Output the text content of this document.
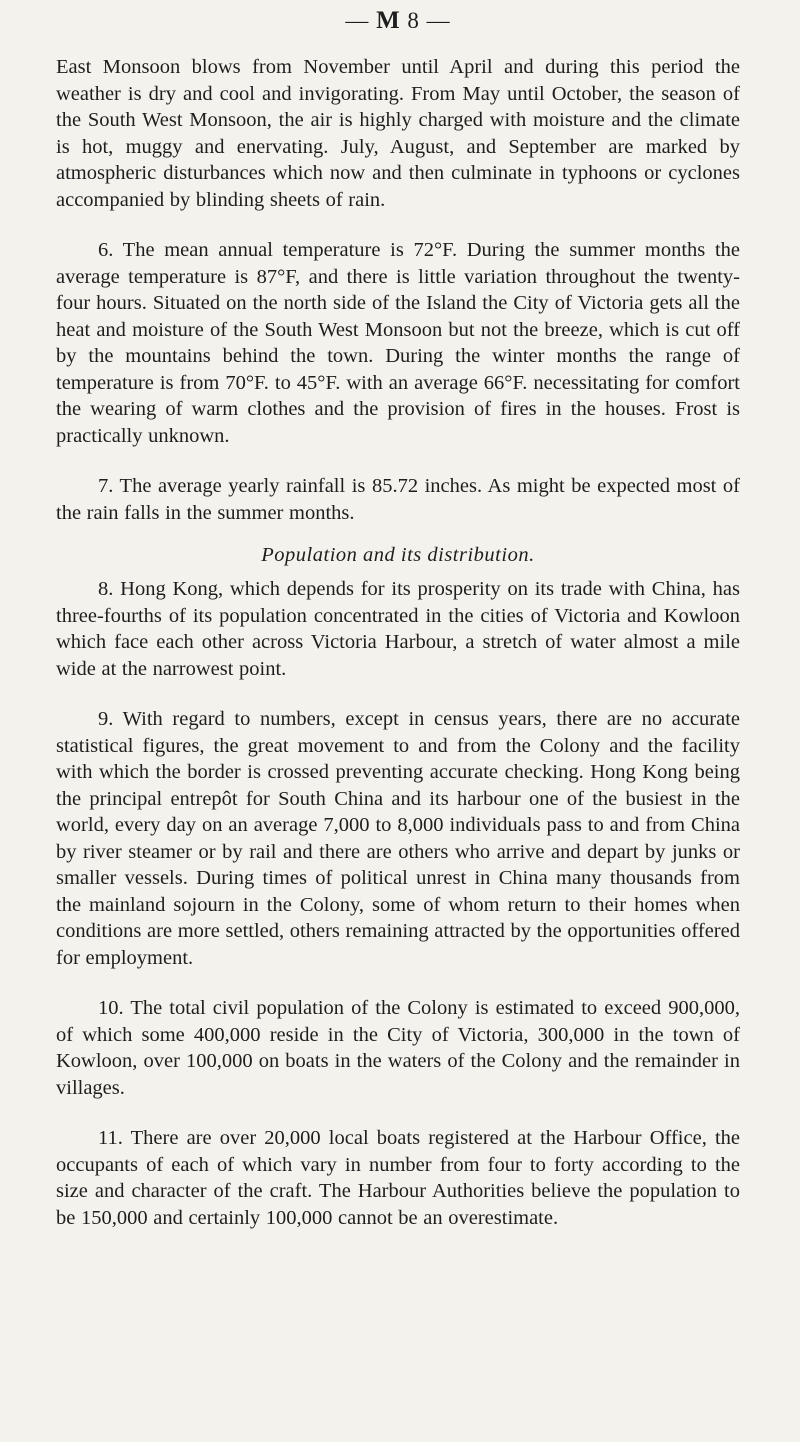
— M 8 —

East Monsoon blows from November until April and during this period the weather is dry and cool and invigorating. From May until October, the season of the South West Monsoon, the air is highly charged with moisture and the climate is hot, muggy and enervating. July, August, and September are marked by atmospheric disturbances which now and then culminate in typhoons or cyclones accompanied by blinding sheets of rain.

6. The mean annual temperature is 72°F. During the summer months the average temperature is 87°F, and there is little variation throughout the twenty-four hours. Situated on the north side of the Island the City of Victoria gets all the heat and moisture of the South West Monsoon but not the breeze, which is cut off by the mountains behind the town. During the winter months the range of temperature is from 70°F. to 45°F. with an average 66°F. necessitating for comfort the wearing of warm clothes and the provision of fires in the houses. Frost is practically unknown.

7. The average yearly rainfall is 85.72 inches. As might be expected most of the rain falls in the summer months.

Population and its distribution.

8. Hong Kong, which depends for its prosperity on its trade with China, has three-fourths of its population concentrated in the cities of Victoria and Kowloon which face each other across Victoria Harbour, a stretch of water almost a mile wide at the narrowest point.

9. With regard to numbers, except in census years, there are no accurate statistical figures, the great movement to and from the Colony and the facility with which the border is crossed preventing accurate checking. Hong Kong being the principal entrepôt for South China and its harbour one of the busiest in the world, every day on an average 7,000 to 8,000 individuals pass to and from China by river steamer or by rail and there are others who arrive and depart by junks or smaller vessels. During times of political unrest in China many thousands from the mainland sojourn in the Colony, some of whom return to their homes when conditions are more settled, others remaining attracted by the opportunities offered for employment.

10. The total civil population of the Colony is estimated to exceed 900,000, of which some 400,000 reside in the City of Victoria, 300,000 in the town of Kowloon, over 100,000 on boats in the waters of the Colony and the remainder in villages.

11. There are over 20,000 local boats registered at the Harbour Office, the occupants of each of which vary in number from four to forty according to the size and character of the craft. The Harbour Authorities believe the population to be 150,000 and certainly 100,000 cannot be an overestimate.
